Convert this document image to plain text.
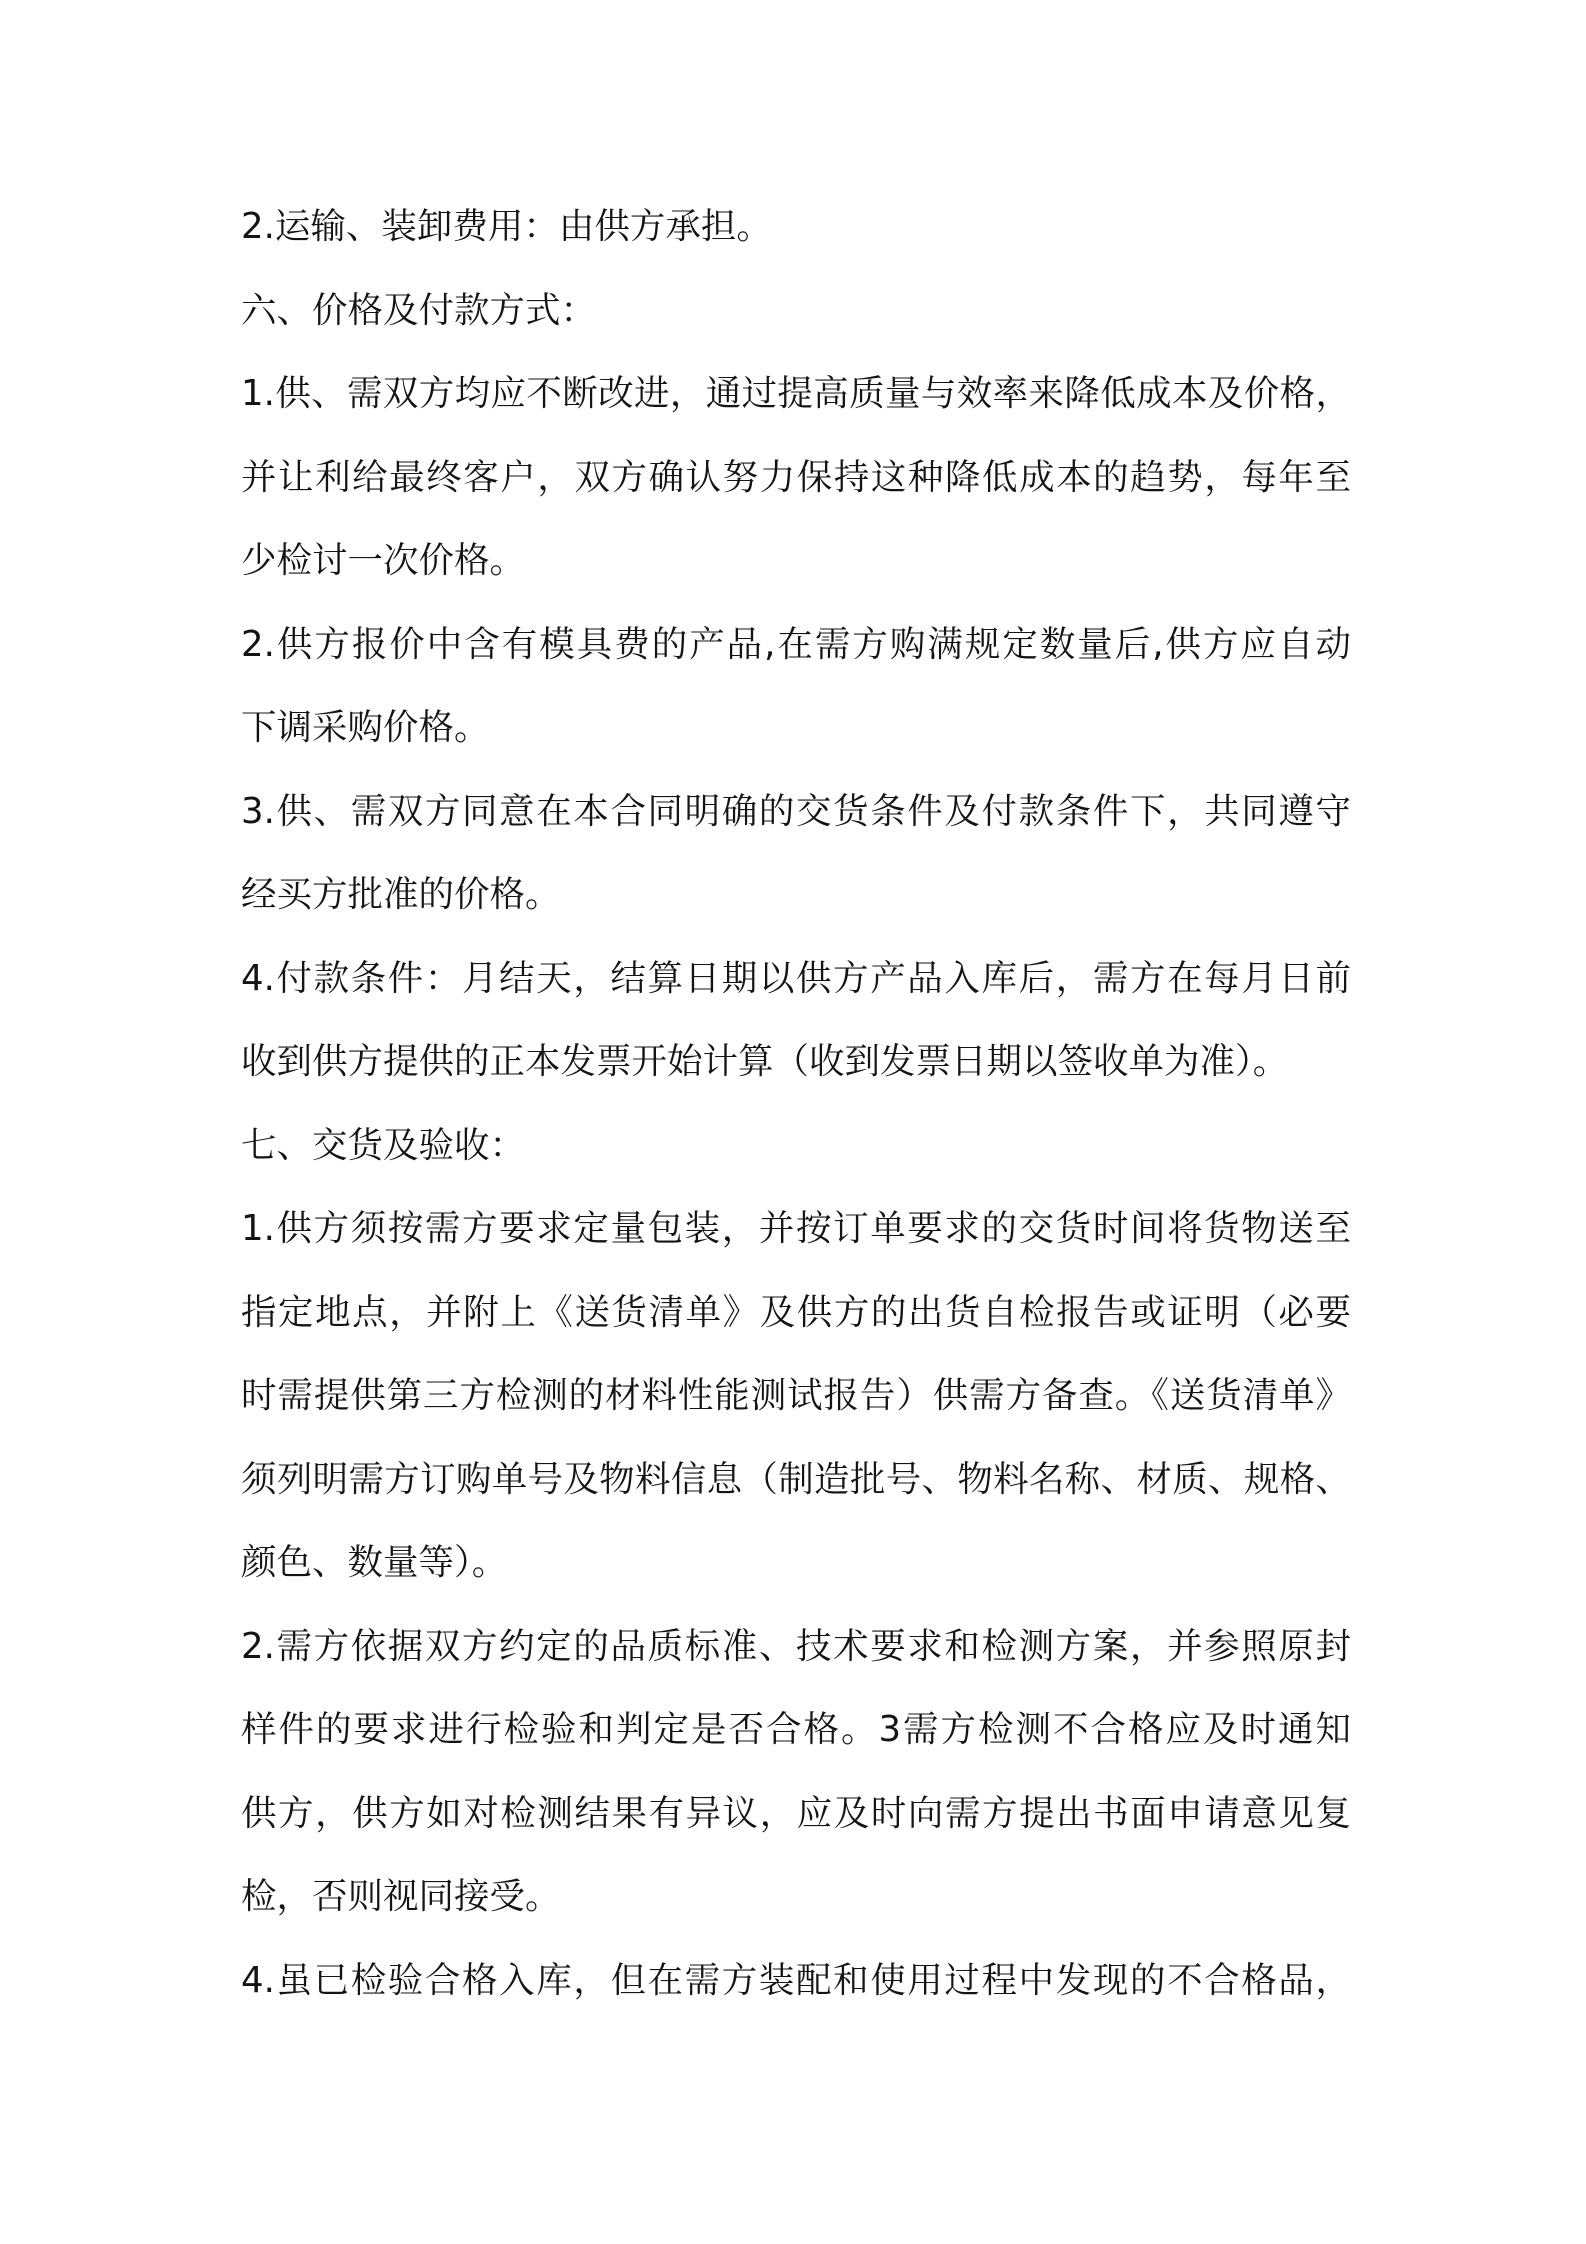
2.运输、装卸费用：由供方承担。
六、价格及付款方式：
1.供、需双方均应不断改进，通过提高质量与效率来降低成本及价格，
并让利给最终客户，双方确认努力保持这种降低成本的趋势，每年至
少检讨一次价格。
2.供方报价中含有模具费的产品,在需方购满规定数量后,供方应自动
下调采购价格。
3.供、需双方同意在本合同明确的交货条件及付款条件下，共同遵守
经买方批准的价格。
4.付款条件：月结天，结算日期以供方产品入库后，需方在每月日前
收到供方提供的正本发票开始计算（收到发票日期以签收单为准）。
七、交货及验收：
1.供方须按需方要求定量包装，并按订单要求的交货时间将货物送至
指定地点，并附上《送货清单》及供方的出货自检报告或证明（必要
时需提供第三方检测的材料性能测试报告）供需方备查。《送货清单》
须列明需方订购单号及物料信息（制造批号、物料名称、材质、规格、
颜色、数量等）。
2.需方依据双方约定的品质标准、技术要求和检测方案，并参照原封
样件的要求进行检验和判定是否合格。3需方检测不合格应及时通知
供方，供方如对检测结果有异议，应及时向需方提出书面申请意见复
检，否则视同接受。
4.虽已检验合格入库，但在需方装配和使用过程中发现的不合格品，
